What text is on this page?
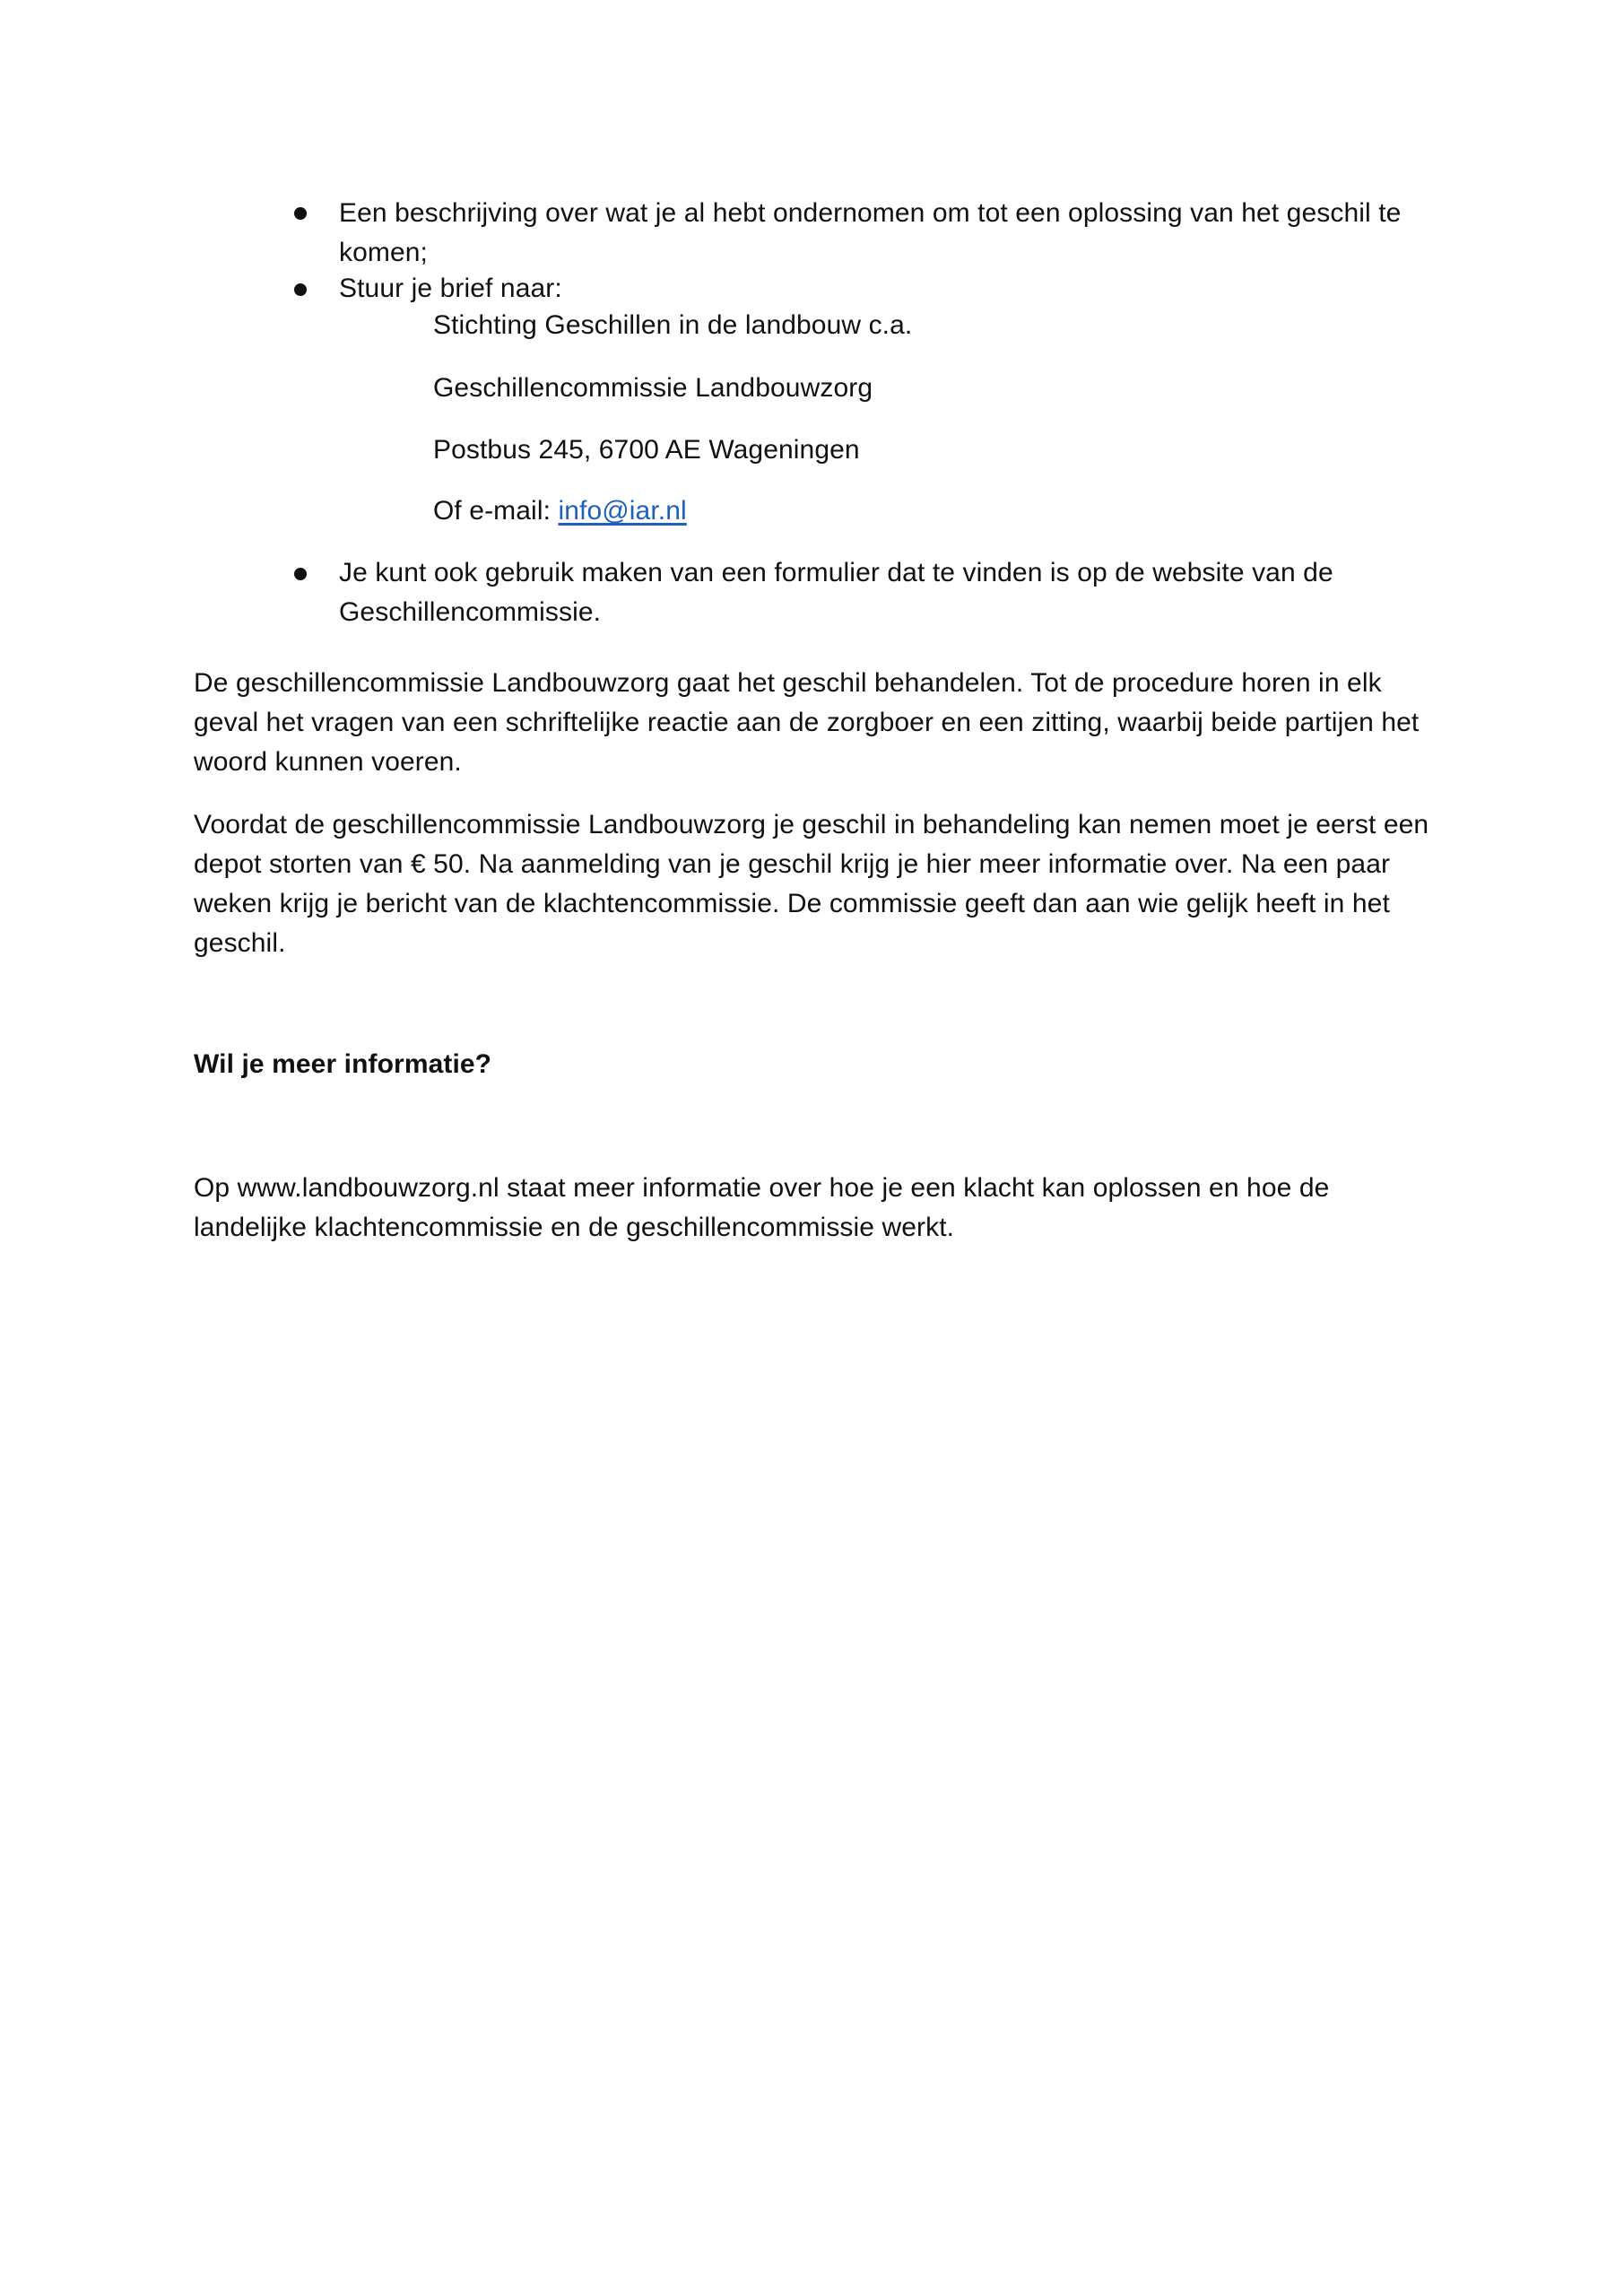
Een beschrijving over wat je al hebt ondernomen om tot een oplossing van het geschil te komen;
Stuur je brief naar:
Stichting Geschillen in de landbouw c.a.
Geschillencommissie Landbouwzorg
Postbus 245, 6700 AE Wageningen
Of e-mail: info@iar.nl
Je kunt ook gebruik maken van een formulier dat te vinden is op de website van de Geschillencommissie.

De geschillencommissie Landbouwzorg gaat het geschil behandelen. Tot de procedure horen in elk geval het vragen van een schriftelijke reactie aan de zorgboer en een zitting, waarbij beide partijen het woord kunnen voeren.

Voordat de geschillencommissie Landbouwzorg je geschil in behandeling kan nemen moet je eerst een depot storten van € 50. Na aanmelding van je geschil krijg je hier meer informatie over. Na een paar weken krijg je bericht van de klachtencommissie. De commissie geeft dan aan wie gelijk heeft in het geschil.

Wil je meer informatie?

Op www.landbouwzorg.nl staat meer informatie over hoe je een klacht kan oplossen en hoe de landelijke klachtencommissie en de geschillencommissie werkt.
